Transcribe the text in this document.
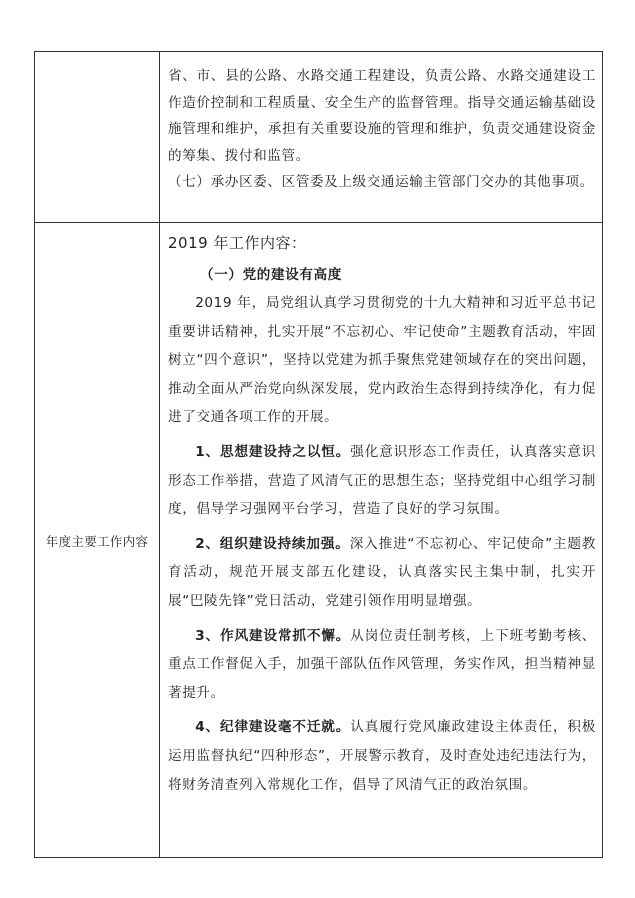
省、市、县的公路、水路交通工程建设，负责公路、水路交通建设工作造价控制和工程质量、安全生产的监督管理。指导交通运输基础设施管理和维护，承担有关重要设施的管理和维护，负责交通建设资金的筹集、拨付和监管。

（七）承办区委、区管委及上级交通运输主管部门交办的其他事项。

年度主要工作内容

2019 年工作内容：

（一）党的建设有高度

2019 年，局党组认真学习贯彻党的十九大精神和习近平总书记重要讲话精神，扎实开展“不忘初心、牢记使命”主题教育活动，牢固树立“四个意识”，坚持以党建为抓手聚焦党建领域存在的突出问题，推动全面从严治党向纵深发展，党内政治生态得到持续净化，有力促进了交通各项工作的开展。

1、思想建设持之以恒。强化意识形态工作责任，认真落实意识形态工作举措，营造了风清气正的思想生态；坚持党组中心组学习制度，倡导学习强网平台学习，营造了良好的学习氛围。

2、组织建设持续加强。深入推进“不忘初心、牢记使命”主题教育活动，规范开展支部五化建设，认真落实民主集中制，扎实开展“巴陵先锋”党日活动，党建引领作用明显增强。

3、作风建设常抓不懈。从岗位责任制考核，上下班考勤考核、重点工作督促入手，加强干部队伍作风管理，务实作风，担当精神显著提升。

4、纪律建设毫不迁就。认真履行党风廉政建设主体责任，积极运用监督执纪“四种形态”，开展警示教育，及时查处违纪违法行为，将财务清查列入常规化工作，倡导了风清气正的政治氛围。
